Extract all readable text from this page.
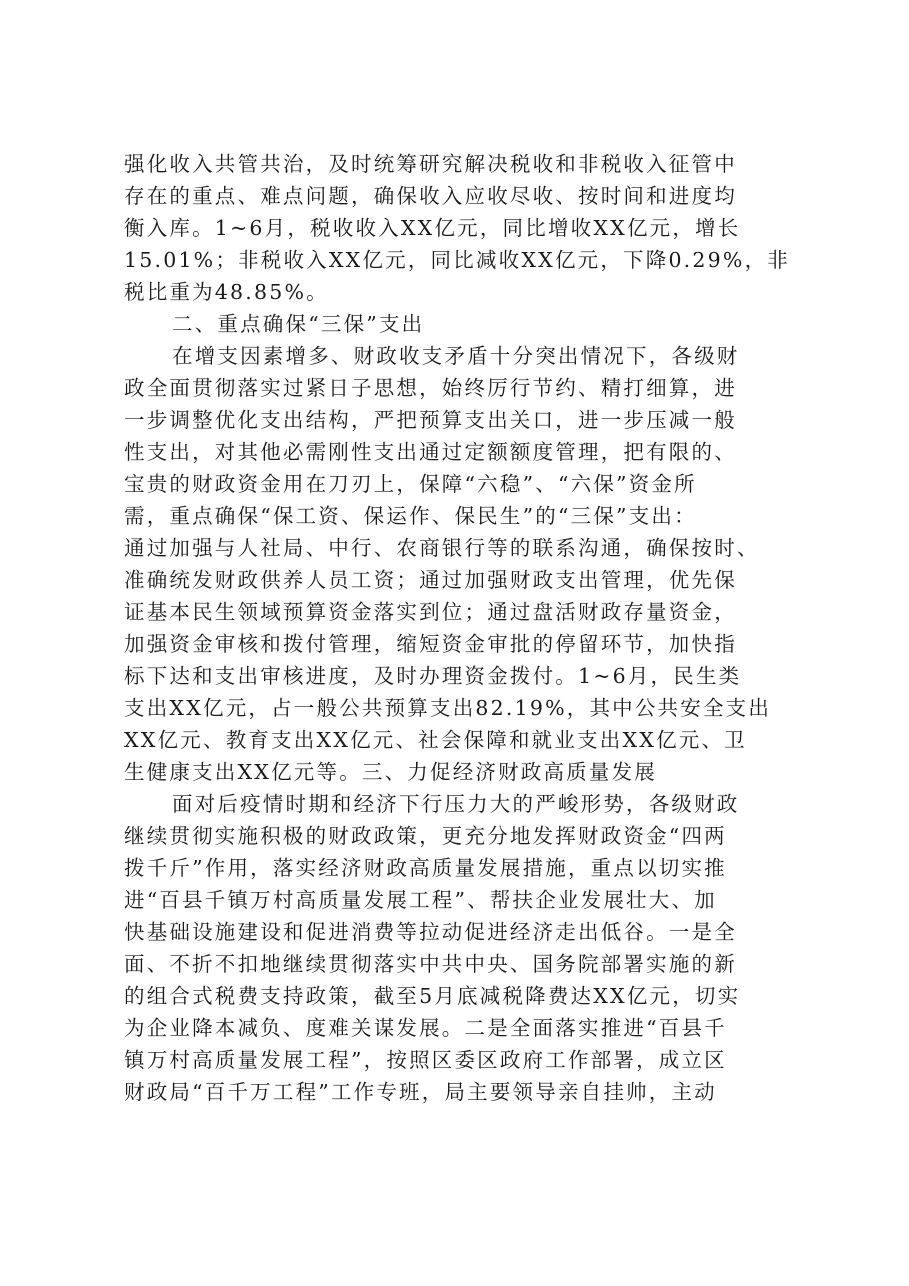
强化收入共管共治，及时统筹研究解决税收和非税收入征管中
存在的重点、难点问题，确保收入应收尽收、按时间和进度均
衡入库。1~6月，税收收入XX亿元，同比增收XX亿元，增长
15.01%；非税收入XX亿元，同比减收XX亿元，下降0.29%，非
税比重为48.85%。
二、重点确保“三保”支出
在增支因素增多、财政收支矛盾十分突出情况下，各级财
政全面贯彻落实过紧日子思想，始终厉行节约、精打细算，进
一步调整优化支出结构，严把预算支出关口，进一步压减一般
性支出，对其他必需刚性支出通过定额额度管理，把有限的、
宝贵的财政资金用在刀刃上，保障“六稳”、“六保”资金所
需，重点确保“保工资、保运作、保民生”的“三保”支出：
通过加强与人社局、中行、农商银行等的联系沟通，确保按时、
准确统发财政供养人员工资；通过加强财政支出管理，优先保
证基本民生领域预算资金落实到位；通过盘活财政存量资金，
加强资金审核和拨付管理，缩短资金审批的停留环节，加快指
标下达和支出审核进度，及时办理资金拨付。1~6月，民生类
支出XX亿元，占一般公共预算支出82.19%，其中公共安全支出
XX亿元、教育支出XX亿元、社会保障和就业支出XX亿元、卫
生健康支出XX亿元等。三、力促经济财政高质量发展
面对后疫情时期和经济下行压力大的严峻形势，各级财政
继续贯彻实施积极的财政政策，更充分地发挥财政资金“四两
拨千斤”作用，落实经济财政高质量发展措施，重点以切实推
进“百县千镇万村高质量发展工程”、帮扶企业发展壮大、加
快基础设施建设和促进消费等拉动促进经济走出低谷。一是全
面、不折不扣地继续贯彻落实中共中央、国务院部署实施的新
的组合式税费支持政策，截至5月底减税降费达XX亿元，切实
为企业降本减负、度难关谋发展。二是全面落实推进“百县千
镇万村高质量发展工程”，按照区委区政府工作部署，成立区
财政局“百千万工程”工作专班，局主要领导亲自挂帅，主动
